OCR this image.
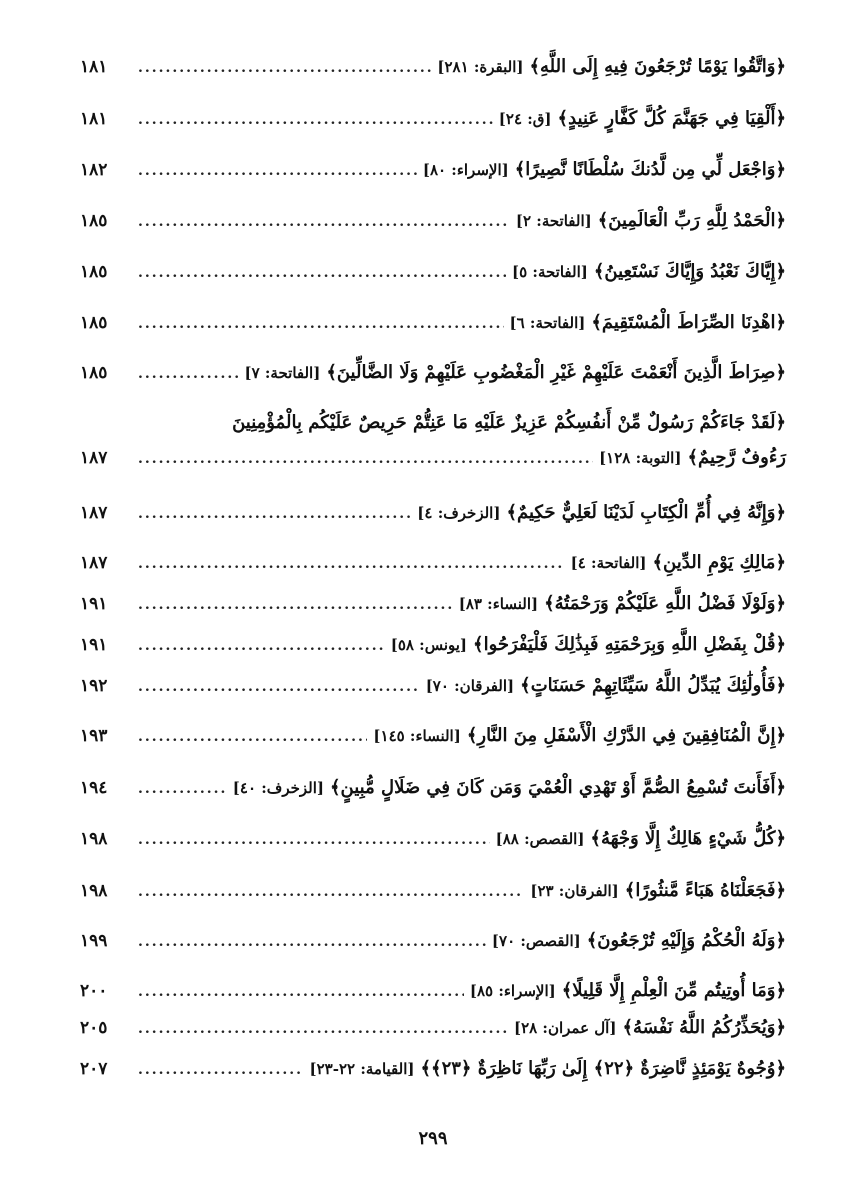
﴿وَاتَّقُوا يَوْمًا تُرْجَعُونَ فِيهِ إِلَى اللَّهِ﴾
[البقرة: ٢٨١]
.....
١٨١
﴿أَلْقِيَا فِي جَهَنَّمَ كُلَّ كَفَّارٍ عَنِيدٍ﴾
[ق: ٢٤]
.....
١٨١
﴿وَاجْعَل لِّي مِن لَّدُنكَ سُلْطَانًا نَّصِيرًا﴾
[الإسراء: ٨٠]
.....
١٨٢
﴿الْحَمْدُ لِلَّهِ رَبِّ الْعَالَمِينَ﴾
[الفاتحة: ٢]
.....
١٨٥
﴿إِيَّاكَ نَعْبُدُ وَإِيَّاكَ نَسْتَعِينُ﴾
[الفاتحة: ٥]
.....
١٨٥
﴿اهْدِنَا الصِّرَاطَ الْمُسْتَقِيمَ﴾
[الفاتحة: ٦]
.....
١٨٥
﴿صِرَاطَ الَّذِينَ أَنْعَمْتَ عَلَيْهِمْ غَيْرِ الْمَغْضُوبِ عَلَيْهِمْ وَلَا الضَّالِّينَ﴾
[الفاتحة: ٧]
.....
١٨٥
﴿لَقَدْ جَاءَكُمْ رَسُولٌ مِّنْ أَنفُسِكُمْ عَزِيزٌ عَلَيْهِ مَا عَنِتُّمْ حَرِيصٌ عَلَيْكُم بِالْمُؤْمِنِينَ
رَءُوفٌ رَّحِيمٌ﴾
[التوبة: ١٢٨]
.....
١٨٧
﴿وَإِنَّهُ فِي أُمِّ الْكِتَابِ لَدَيْنَا لَعَلِيٌّ حَكِيمٌ﴾
[الزخرف: ٤]
.....
١٨٧
﴿مَالِكِ يَوْمِ الدِّينِ﴾
[الفاتحة: ٤]
.....
١٨٧
﴿وَلَوْلَا فَضْلُ اللَّهِ عَلَيْكُمْ وَرَحْمَتُهُ﴾
[النساء: ٨٣]
.....
١٩١
﴿قُلْ بِفَضْلِ اللَّهِ وَبِرَحْمَتِهِ فَبِذَٰلِكَ فَلْيَفْرَحُوا﴾
[يونس: ٥٨]
.....
١٩١
﴿فَأُولَٰئِكَ يُبَدِّلُ اللَّهُ سَيِّئَاتِهِمْ حَسَنَاتٍ﴾
[الفرقان: ٧٠]
.....
١٩٢
﴿إِنَّ الْمُنَافِقِينَ فِي الدَّرْكِ الْأَسْفَلِ مِنَ النَّارِ﴾
[النساء: ١٤٥]
.....
١٩٣
﴿أَفَأَنتَ تُسْمِعُ الصُّمَّ أَوْ تَهْدِي الْعُمْيَ وَمَن كَانَ فِي ضَلَالٍ مُّبِينٍ﴾
[الزخرف: ٤٠]
.....
١٩٤
﴿كُلُّ شَيْءٍ هَالِكٌ إِلَّا وَجْهَهُ﴾
[القصص: ٨٨]
.....
١٩٨
﴿فَجَعَلْنَاهُ هَبَاءً مَّنثُورًا﴾
[الفرقان: ٢٣]
.....
١٩٨
﴿وَلَهُ الْحُكْمُ وَإِلَيْهِ تُرْجَعُونَ﴾
[القصص: ٧٠]
.....
١٩٩
﴿وَمَا أُوتِيتُم مِّنَ الْعِلْمِ إِلَّا قَلِيلًا﴾
[الإسراء: ٨٥]
.....
٢٠٠
﴿وَيُحَذِّرُكُمُ اللَّهُ نَفْسَهُ﴾
[آل عمران: ٢٨]
.....
٢٠٥
﴿وُجُوهٌ يَوْمَئِذٍ نَّاضِرَةٌ ﴿٢٢﴾ إِلَىٰ رَبِّهَا نَاظِرَةٌ ﴿٢٣﴾﴾
[القيامة: ٢٢-٢٣]
.....
٢٠٧
٢٩٩
